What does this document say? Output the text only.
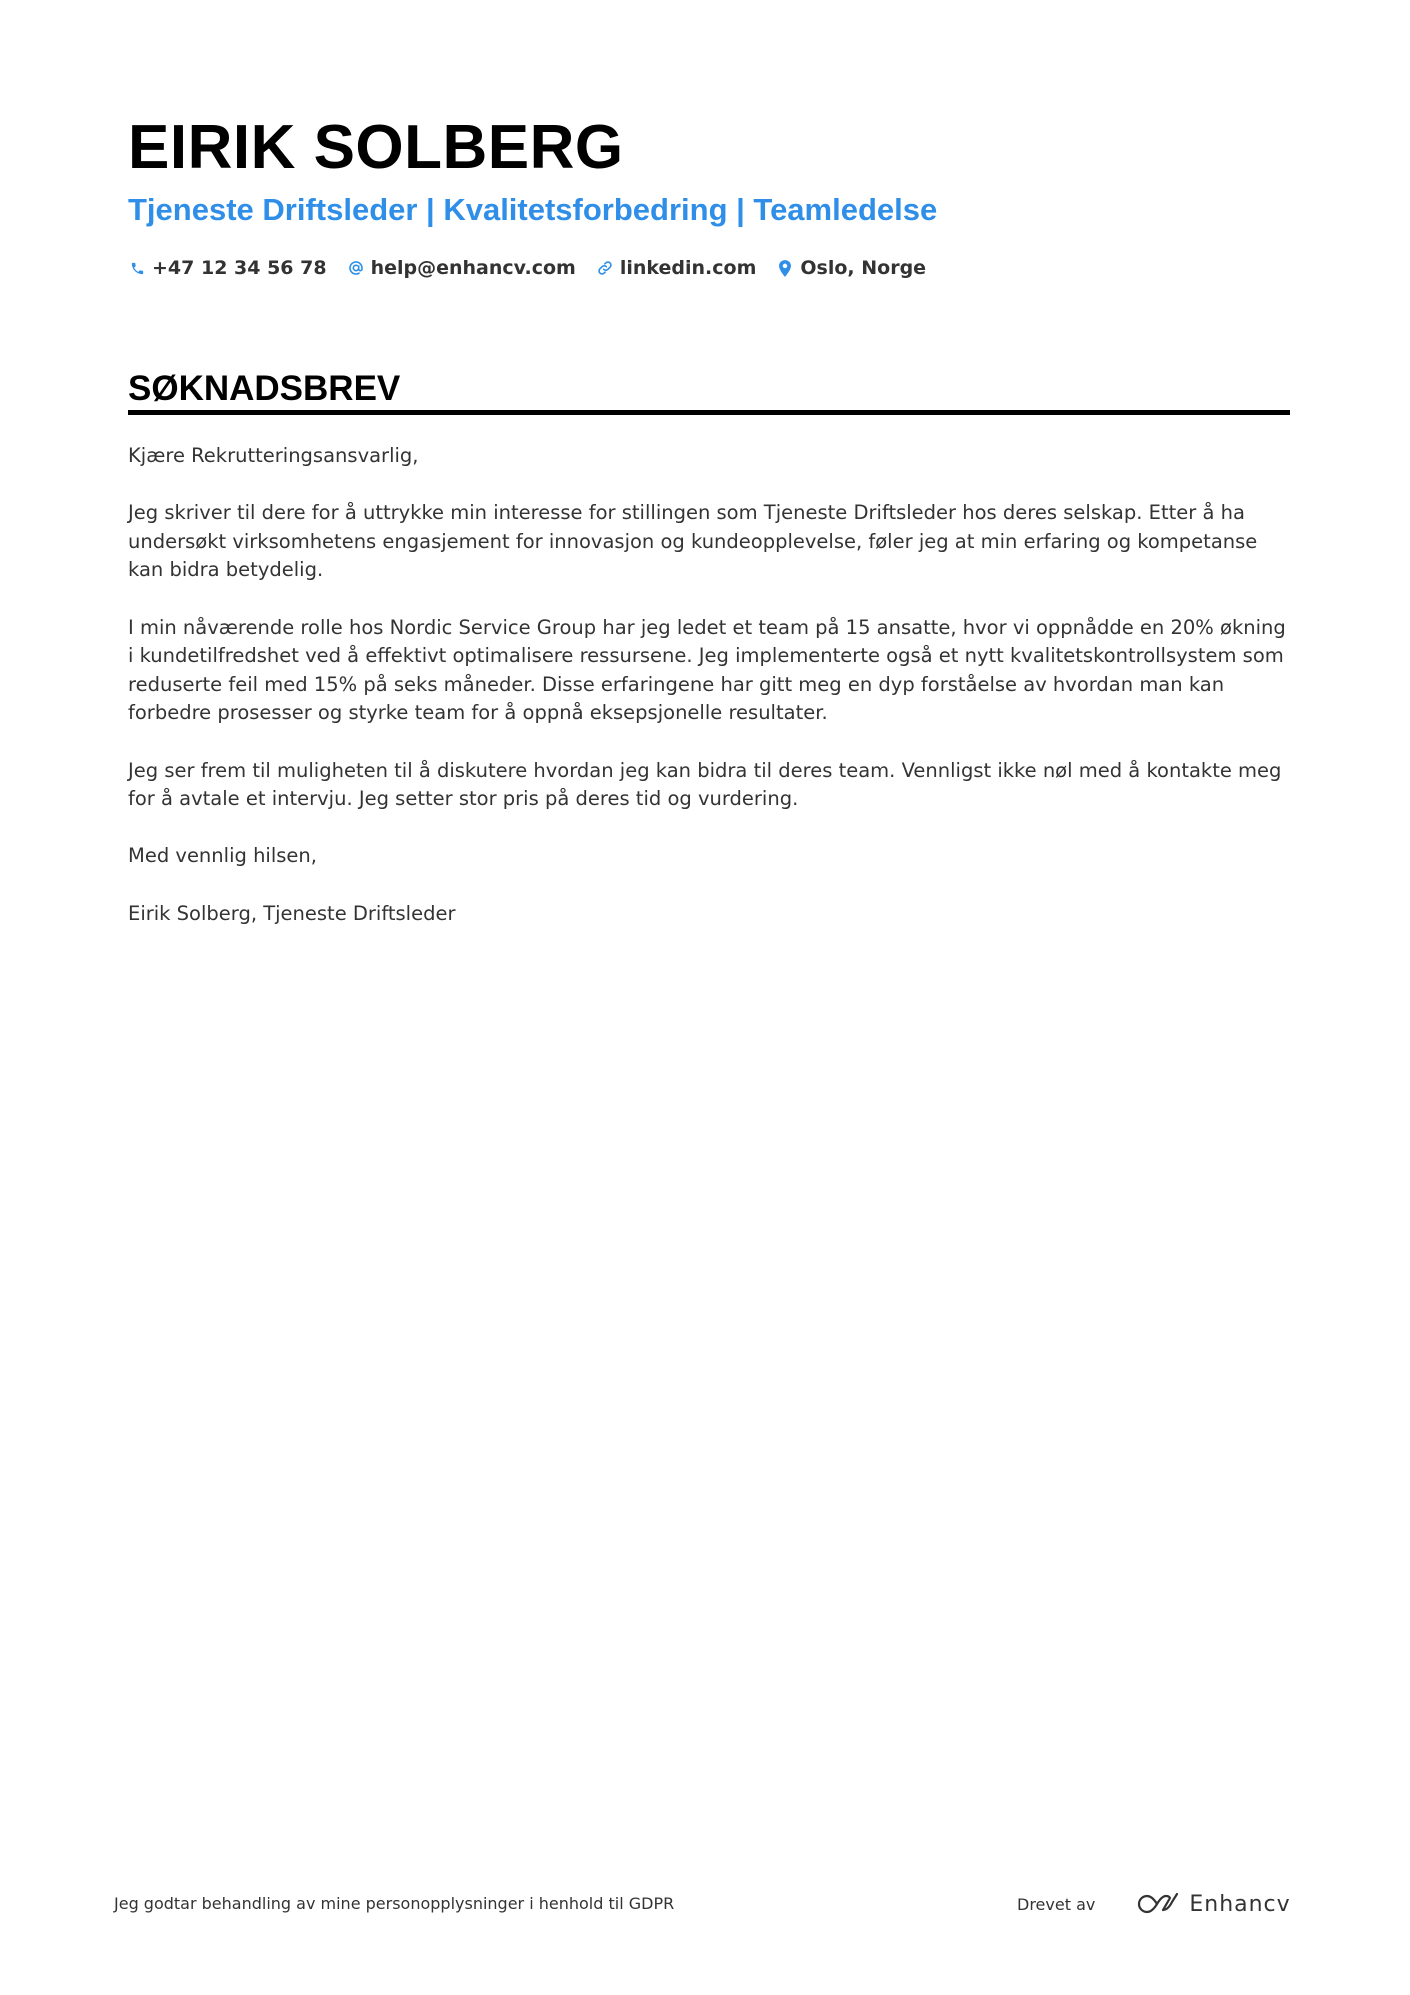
EIRIK SOLBERG
Tjeneste Driftsleder | Kvalitetsforbedring | Teamledelse
+47 12 34 56 78 help@enhancv.com linkedin.com Oslo, Norge
SØKNADSBREV

Kjære Rekrutteringsansvarlig,

Jeg skriver til dere for å uttrykke min interesse for stillingen som Tjeneste Driftsleder hos deres selskap. Etter å ha undersøkt virksomhetens engasjement for innovasjon og kundeopplevelse, føler jeg at min erfaring og kompetanse kan bidra betydelig.

I min nåværende rolle hos Nordic Service Group har jeg ledet et team på 15 ansatte, hvor vi oppnådde en 20% økning i kundetilfredshet ved å effektivt optimalisere ressursene. Jeg implementerte også et nytt kvalitetskontrollsystem som reduserte feil med 15% på seks måneder. Disse erfaringene har gitt meg en dyp forståelse av hvordan man kan forbedre prosesser og styrke team for å oppnå eksepsjonelle resultater.

Jeg ser frem til muligheten til å diskutere hvordan jeg kan bidra til deres team. Vennligst ikke nøl med å kontakte meg for å avtale et intervju. Jeg setter stor pris på deres tid og vurdering.

Med vennlig hilsen,

Eirik Solberg, Tjeneste Driftsleder

Jeg godtar behandling av mine personopplysninger i henhold til GDPR	Drevet av	Enhancv
